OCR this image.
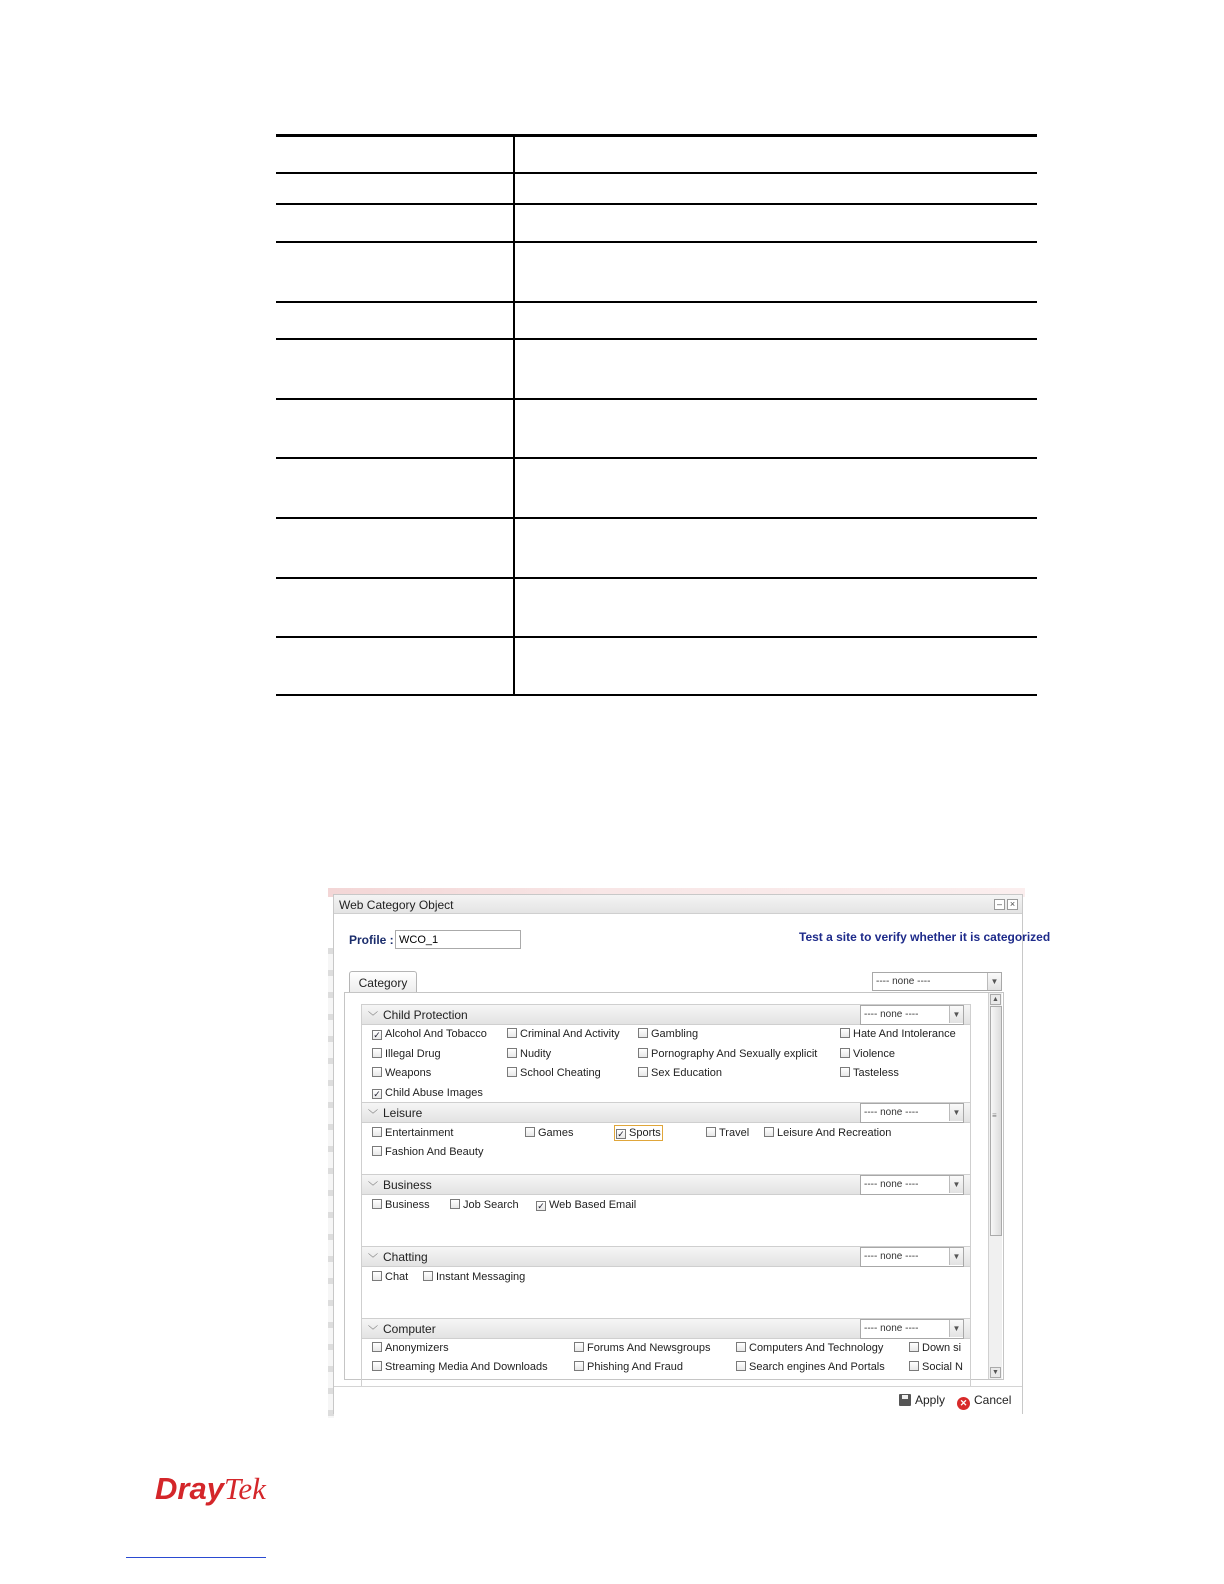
Web Category Object	– ×
Profile :
WCO_1	Test a site to verify whether it is categorized
Category	---- none ----	▼
﹀ Child Protection	---- none ----	▼
✓ Alcohol And Tobacco	Criminal And Activity	Gambling	Hate And Intolerance
Illegal Drug	Nudity	Pornography And Sexually explicit	Violence
Weapons	School Cheating	Sex Education	Tasteless
✓ Child Abuse Images
﹀ Leisure	---- none ----	▼
Entertainment	Games	✓ Sports	Travel	Leisure And Recreation
Fashion And Beauty
﹀ Business	---- none ----	▼
Business	Job Search ✓ Web Based Email
﹀ Chatting	---- none ----	▼
Chat	Instant Messaging
﹀ Computer	---- none ----	▼
Anonymizers	Forums And Newsgroups	Computers And Technology	Down si
Streaming Media And Downloads	Phishing And Fraud	Search engines And Portals	Social N
▲
≡
▼
Apply	✕ Cancel
Dray Tek
